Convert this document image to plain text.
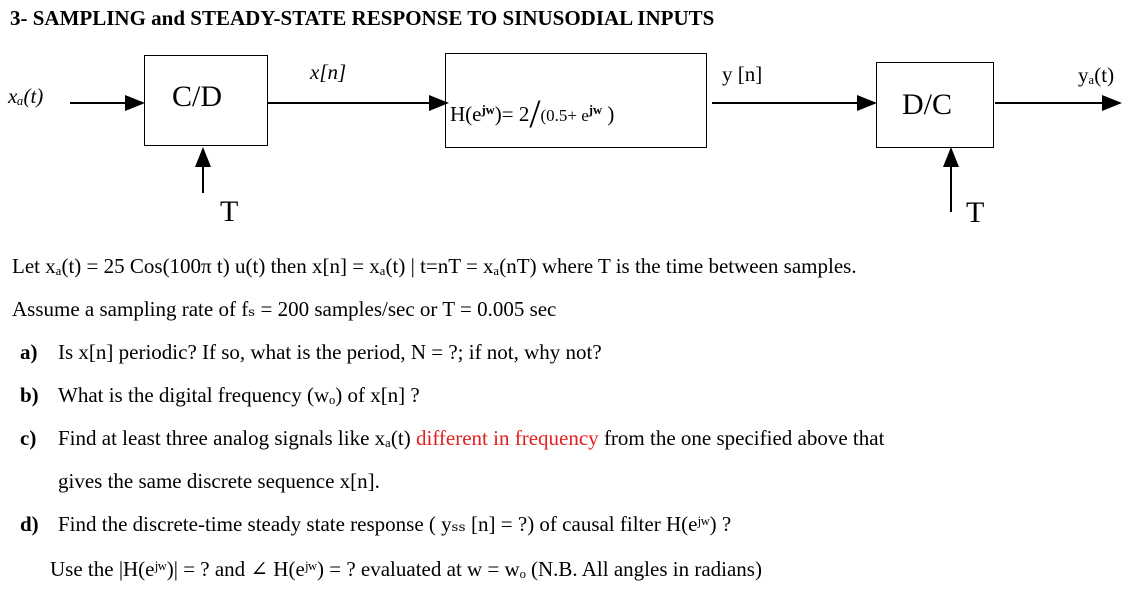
3- SAMPLING and STEADY-STATE RESPONSE TO SINUSODIAL INPUTS
xₐ(t)	C/D
x[n]
$H(e^{jw})= 2/(0.5+ e^{jw}$ )
y [n]
D/C
yₐ(t)
T	T
Let xₐ(t) = 25 Cos(100π t) u(t) then x[n] = xₐ(t) | t=nT = xₐ(nT) where T is the time between samples.
Assume a sampling rate of fₛ = 200 samples/sec or T = 0.005 sec
a) Is x[n] periodic? If so, what is the period, N = ?; if not, why not?
b) What is the digital frequency (wₒ) of x[n] ?
c) Find at least three analog signals like xₐ(t) different in frequency from the one specified above that
gives the same discrete sequence x[n].
d) Find the discrete-time steady state response ( yₛₛ [n] = ?) of causal filter H(eʲʷ) ?
Use the |H(eʲʷ)| = ? and ∠ H(eʲʷ) = ? evaluated at w = wₒ (N.B. All angles in radians)
